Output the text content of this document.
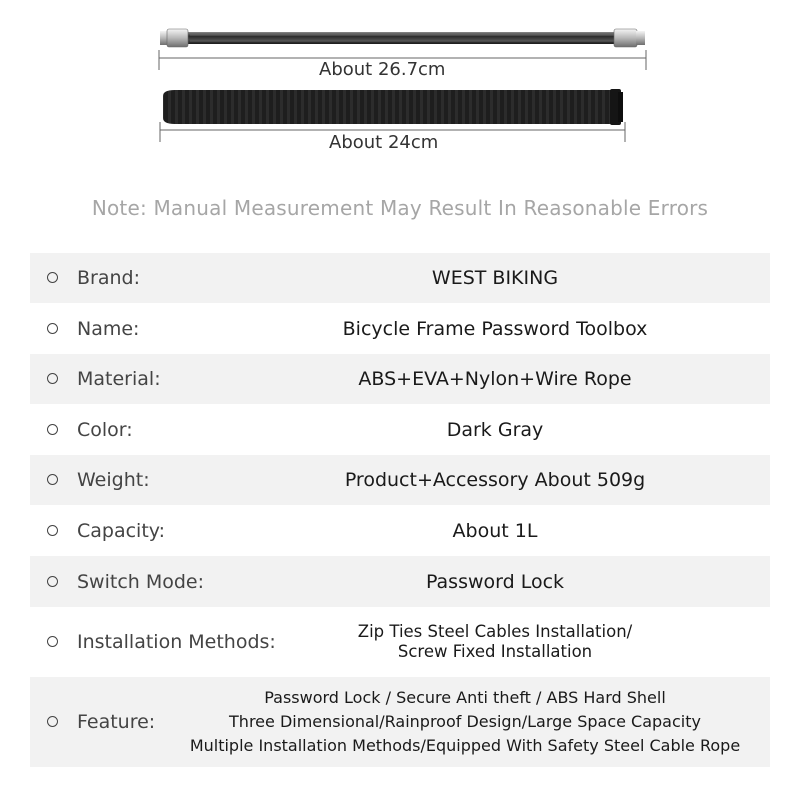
About 26.7cm
About 24cm
Note: Manual Measurement May Result In Reasonable Errors
Brand:	WEST BIKING
Name:	Bicycle Frame Password Toolbox
Material:	ABS+EVA+Nylon+Wire Rope
Color:	Dark Gray
Weight:	Product+Accessory About 509g
Capacity:	About 1L
Switch Mode:	Password Lock
Installation Methods:	Zip Ties Steel Cables Installation/
Screw Fixed Installation
Feature:
Password Lock / Secure Anti theft / ABS Hard Shell
Three Dimensional/Rainproof Design/Large Space Capacity
Multiple Installation Methods/Equipped With Safety Steel Cable Rope
